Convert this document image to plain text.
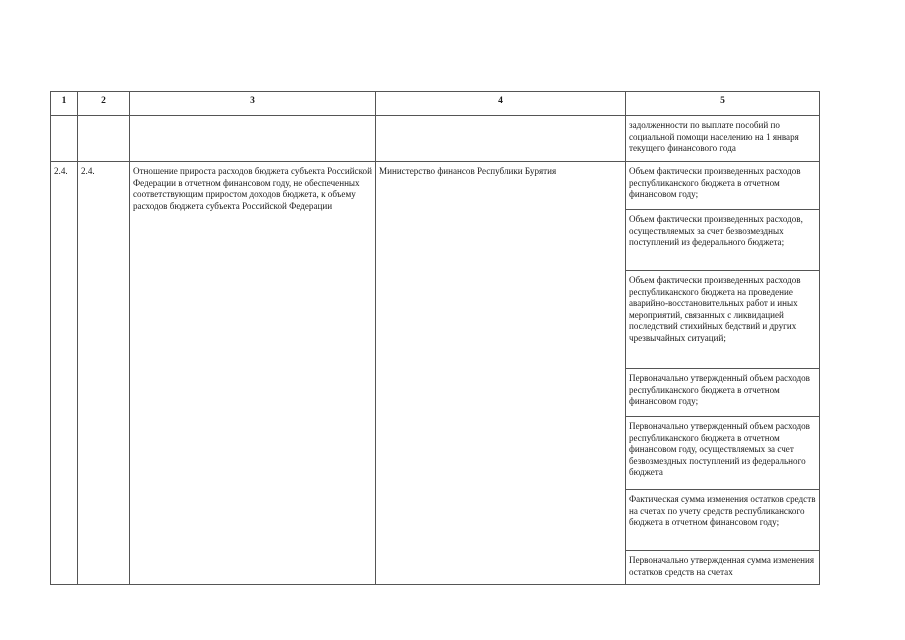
1	2	3	4	5
				задолженности по выплате пособий по социальной помощи населению на 1 января текущего финансового года
2.4.	2.4.	Отношение прироста расходов бюджета субъекта Российской Федерации в отчетном финансовом году, не обеспеченных соответствующим приростом доходов бюджета, к объему расходов бюджета субъекта Российской Федерации	Министерство финансов Республики Бурятия	Объем фактически произведенных расходов республиканского бюджета в отчетном финансовом году;
				Объем фактически произведенных расходов, осуществляемых за счет безвозмездных поступлений из федерального бюджета;
				Объем фактически произведенных расходов республиканского бюджета на проведение аварийно-восстановительных работ и иных мероприятий, связанных с ликвидацией последствий стихийных бедствий и других чрезвычайных ситуаций;
				Первоначально утвержденный объем расходов республиканского бюджета в отчетном финансовом году;
				Первоначально утвержденный объем расходов республиканского бюджета в отчетном финансовом году, осуществляемых за счет безвозмездных поступлений из федерального бюджета
				Фактическая сумма изменения остатков средств на счетах по учету средств республиканского бюджета в отчетном финансовом году;
				Первоначально утвержденная сумма изменения остатков средств на счетах
